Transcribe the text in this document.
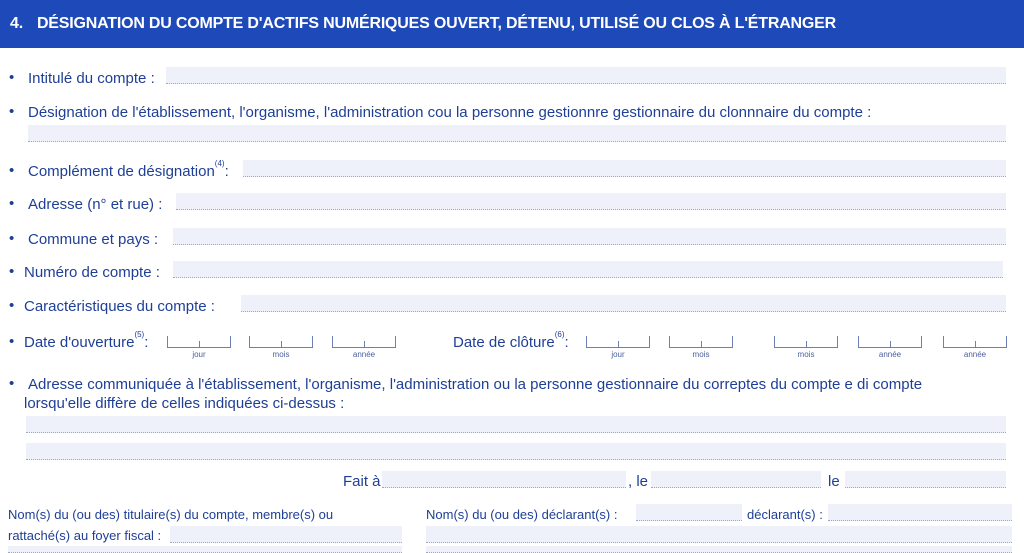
4. DÉSIGNATION DU COMPTE D'ACTIFS NUMÉRIQUES OUVERT, DÉTENU, UTILISÉ OU CLOS À L'ÉTRANGER
• Intitulé du compte :
• Désignation de l'établissement, l'organisme, l'administration cou la personne gestionnre gestionnaire du clonnnaire du compte :
• Complément de désignation$^{(4)}$:
• Adresse (n° et rue) :
• Commune et pays :
• Numéro de compte :
• Caractéristiques du compte :
• Date d'ouverture$^{(5)}$:
jour	mois	année
Date de clôture$^{(6)}$:
jour	mois	mois	année	année
• Adresse communiquée à l'établissement, l'organisme, l'administration ou la personne gestionnaire du correptes du compte e di compte
lorsqu'elle diffère de celles indiquées ci-dessus :
Fait à	, le	le
Nom(s) du (ou des) titulaire(s) du compte, membre(s) ou
rattaché(s) au foyer fiscal :
Nom(s) du (ou des) déclarant(s) :	déclarant(s) :
